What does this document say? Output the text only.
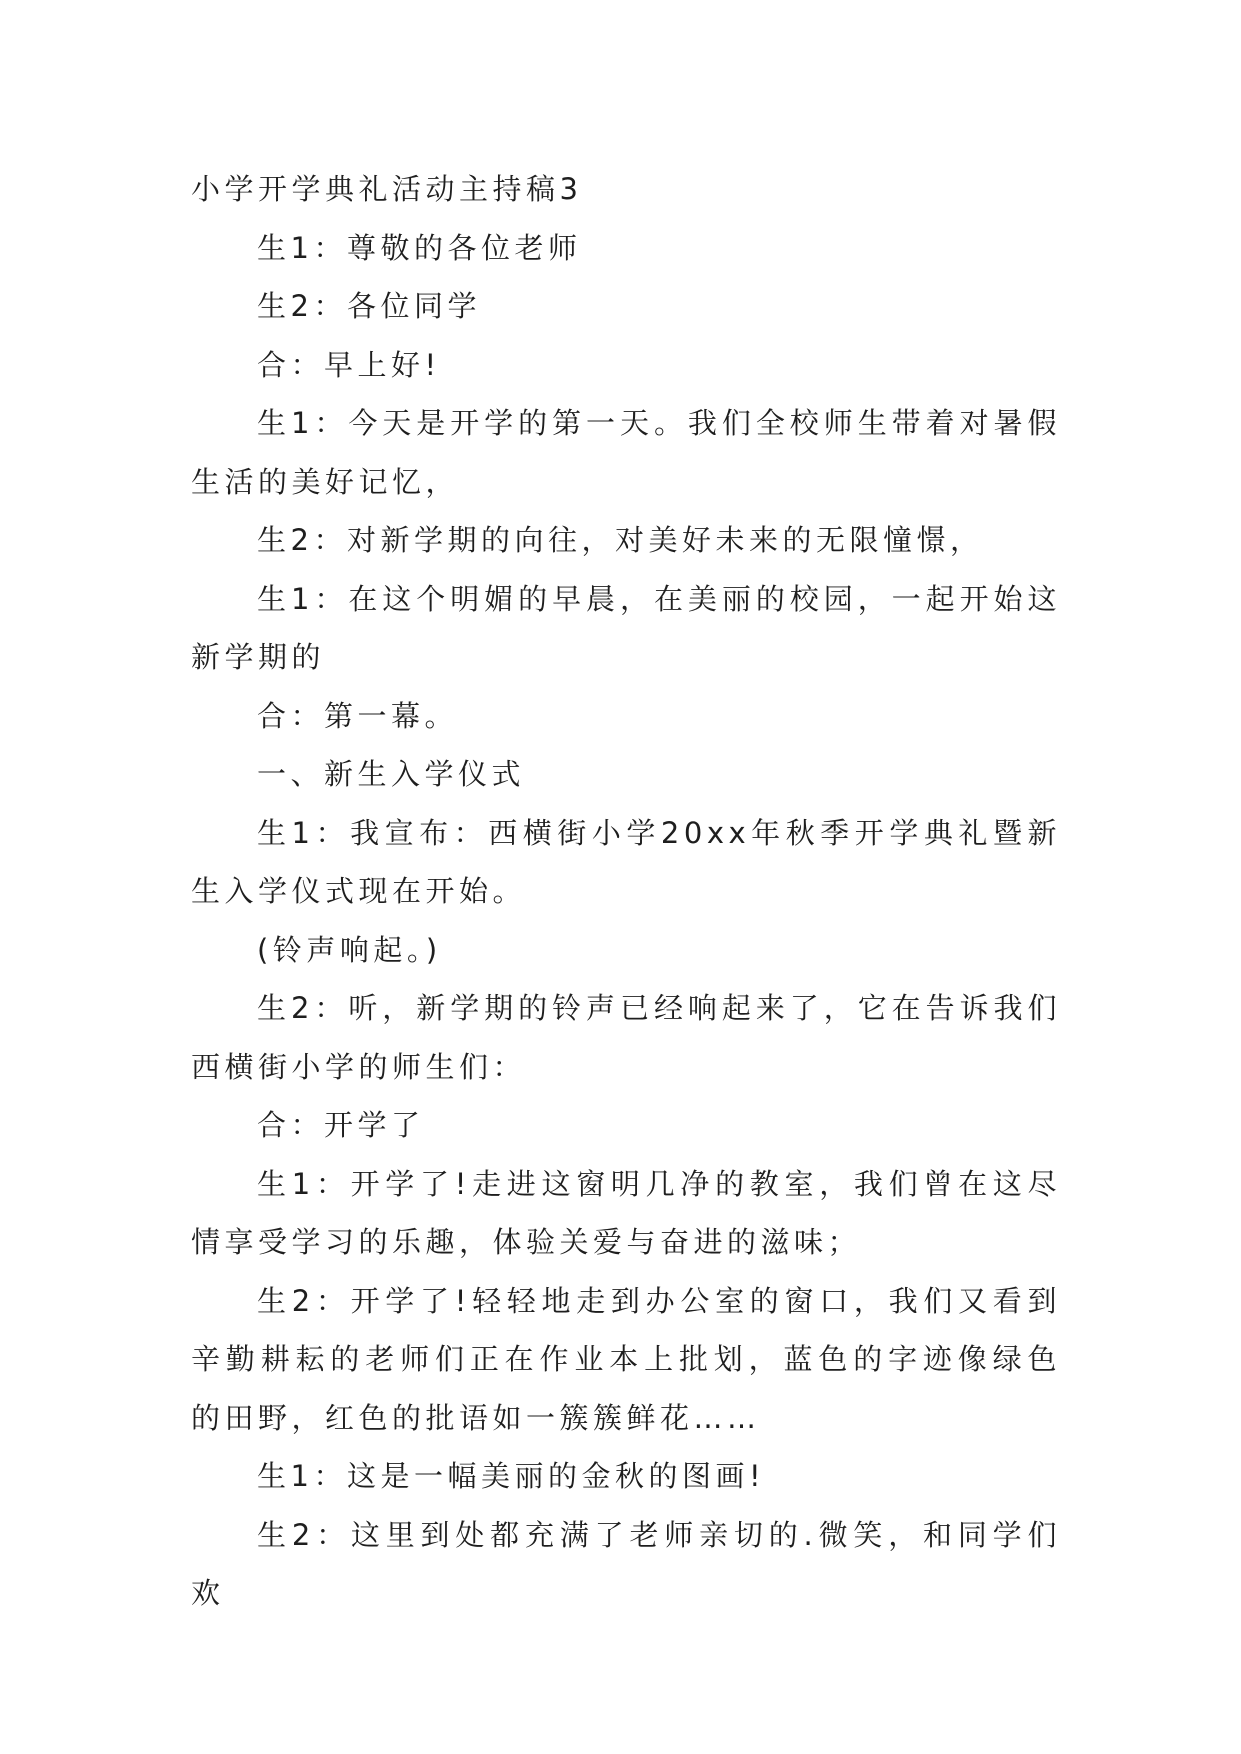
小学开学典礼活动主持稿3

生1：尊敬的各位老师

生2：各位同学

合：早上好!

生1：今天是开学的第一天。我们全校师生带着对暑假生活的美好记忆，

生2：对新学期的向往，对美好未来的无限憧憬，

生1：在这个明媚的早晨，在美丽的校园，一起开始这新学期的

合：第一幕。

一、新生入学仪式

生1：我宣布：西横街小学20xx年秋季开学典礼暨新生入学仪式现在开始。

(铃声响起。)

生2：听，新学期的铃声已经响起来了，它在告诉我们西横街小学的师生们：

合：开学了

生1：开学了!走进这窗明几净的教室，我们曾在这尽情享受学习的乐趣，体验关爱与奋进的滋味；

生2：开学了!轻轻地走到办公室的窗口，我们又看到辛勤耕耘的老师们正在作业本上批划，蓝色的字迹像绿色的田野，红色的批语如一簇簇鲜花……

生1：这是一幅美丽的金秋的图画!

生2：这里到处都充满了老师亲切的.微笑，和同学们欢
